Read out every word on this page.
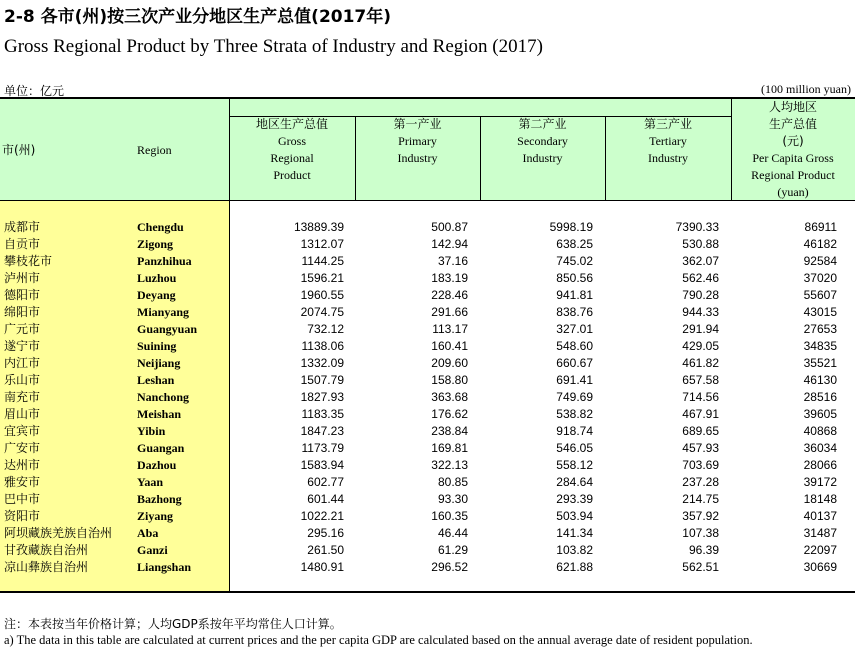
2-8 各市(州)按三次产业分地区生产总值(2017年)
Gross Regional Product by Three Strata of Industry and Region (2017)
单位：亿元	(100 million yuan)
市(州)	Region
地区生产总值
Gross
Regional
Product
第一产业
Primary
Industry
第二产业
Secondary
Industry
第三产业
Tertiary
Industry
人均地区
生产总值
(元)
Per Capita Gross
Regional Product
(yuan)
成都市	Chengdu	13889.39	500.87	5998.19	7390.33	86911
自贡市	Zigong	1312.07	142.94	638.25	530.88	46182
攀枝花市	Panzhihua	1144.25	37.16	745.02	362.07	92584
泸州市	Luzhou	1596.21	183.19	850.56	562.46	37020
德阳市	Deyang	1960.55	228.46	941.81	790.28	55607
绵阳市	Mianyang	2074.75	291.66	838.76	944.33	43015
广元市	Guangyuan	732.12	113.17	327.01	291.94	27653
遂宁市	Suining	1138.06	160.41	548.60	429.05	34835
内江市	Neijiang	1332.09	209.60	660.67	461.82	35521
乐山市	Leshan	1507.79	158.80	691.41	657.58	46130
南充市	Nanchong	1827.93	363.68	749.69	714.56	28516
眉山市	Meishan	1183.35	176.62	538.82	467.91	39605
宜宾市	Yibin	1847.23	238.84	918.74	689.65	40868
广安市	Guangan	1173.79	169.81	546.05	457.93	36034
达州市	Dazhou	1583.94	322.13	558.12	703.69	28066
雅安市	Yaan	602.77	80.85	284.64	237.28	39172
巴中市	Bazhong	601.44	93.30	293.39	214.75	18148
资阳市	Ziyang	1022.21	160.35	503.94	357.92	40137
阿坝藏族羌族自治州 Aba	295.16	46.44	141.34	107.38	31487
甘孜藏族自治州	Ganzi	261.50	61.29	103.82	96.39	22097
凉山彝族自治州	Liangshan	1480.91	296.52	621.88	562.51	30669
注：本表按当年价格计算；人均GDP系按年平均常住人口计算。
a) The data in this table are calculated at current prices and the per capita GDP are calculated based on the annual average date of resident population.
